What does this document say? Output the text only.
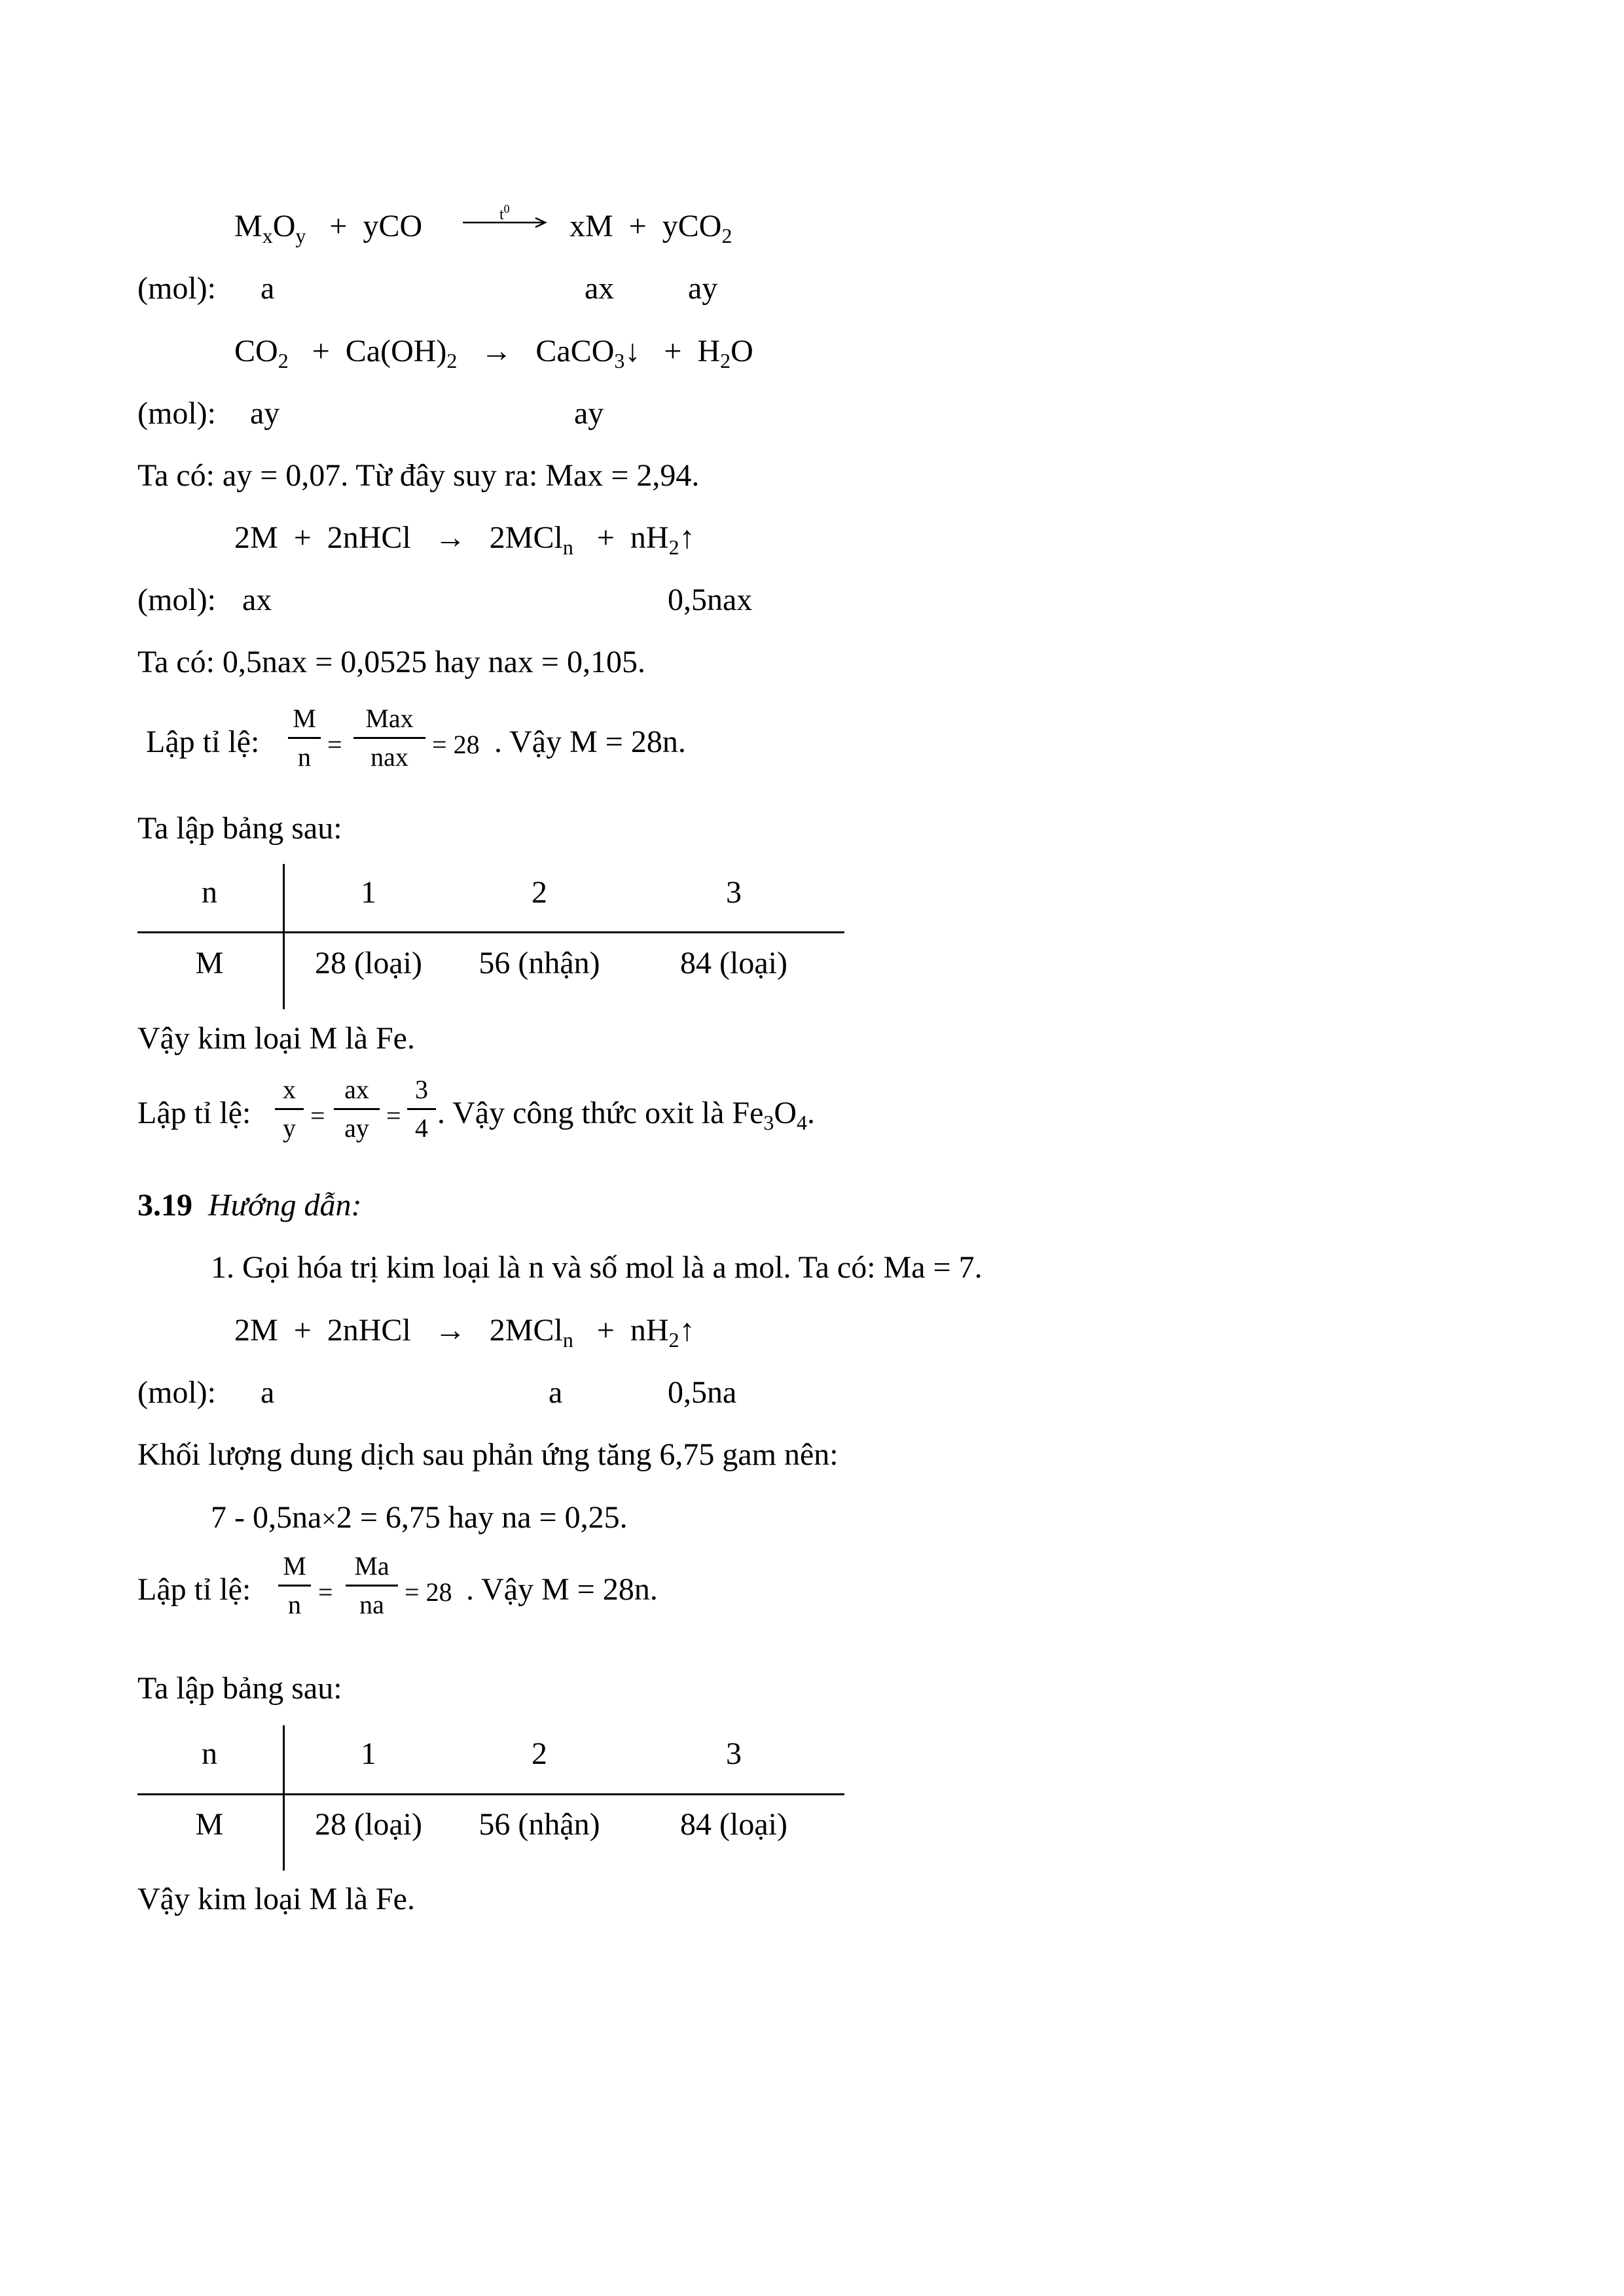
$M_xO_y$ + yCO	$t^0$ xM + yCO$_2$
(mol): a	ax ay
$CO_2 + Ca(OH)_2$ → CaCO$_3$↓   +  $H_2O$
(mol): ay	ay
Ta có: ay = 0,07. Từ đây suy ra: Max = 2,94.
2M  +  2nHCl → $2MCl_n + nH_2↑$
(mol): ax	0,5nax
Ta có: 0,5nax = 0,0525 hay nax = 0,105.
Lập tỉ lệ:
M
n =
Max
nax = 28 . Vậy M = 28n.
Ta lập bảng sau:
n	1	2	3
M	28 (loại) 56 (nhận)	84 (loại)
Vậy kim loại M là Fe.
Lập tỉ lệ:
x
y =
ax
ay =
3
4 . Vậy công thức oxit là $Fe_3O_4$.
3.19 Hướng dẫn:
1. Gọi hóa trị kim loại là n và số mol là a mol. Ta có: Ma = 7.
2M  +  2nHCl → $2MCl_n + nH_2↑$
(mol): a	a	0,5na
Khối lượng dung dịch sau phản ứng tăng 6,75 gam nên:
7 - 0,5na×2 = 6,75 hay na = 0,25.
Lập tỉ lệ:
M
n =
Ma
na = 28 . Vậy M = 28n.
Ta lập bảng sau:
n	1	2	3
M	28 (loại) 56 (nhận)	84 (loại)
Vậy kim loại M là Fe.
